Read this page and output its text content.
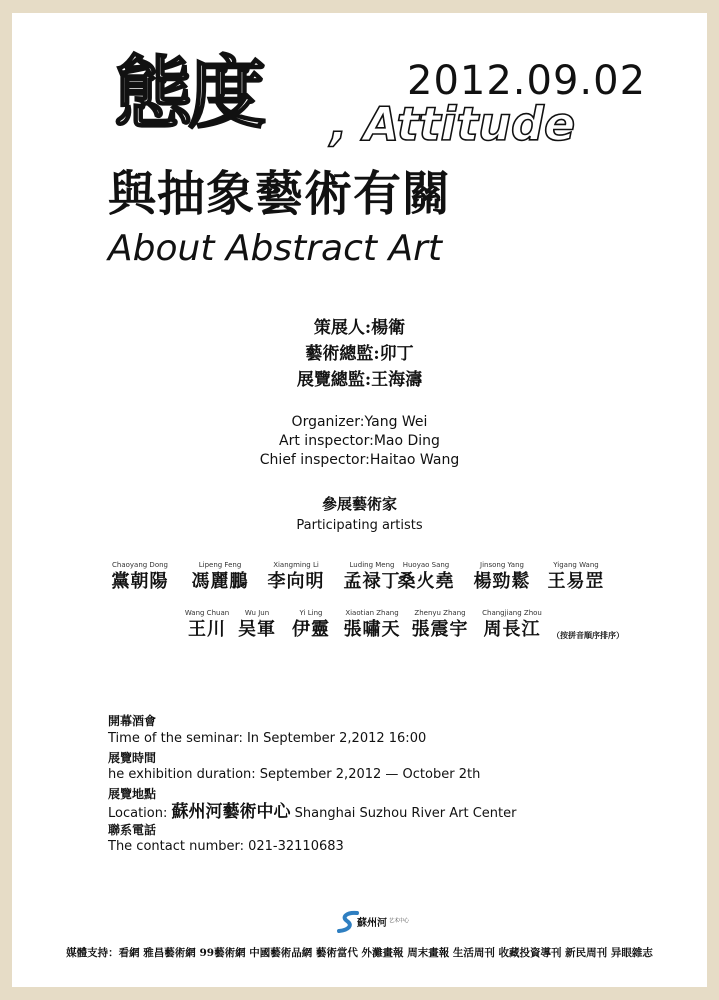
態度	2012.09.02
, Attitude
與抽象藝術有關
About Abstract Art
策展人:楊衛
藝術總監:卯丁
展覽總監:王海濤
Organizer:Yang Wei
Art inspector:Mao Ding
Chief inspector:Haitao Wang
參展藝術家
Participating artists
Chaoyang Dong
黨朝陽
Lipeng Feng
馮麗鵬
Xiangming Li
李向明
Luding Meng
孟禄丁
Huoyao Sang
桑火堯
Jinsong Yang
楊勁鬆
Yigang Wang
王易罡
Wang Chuan
王川
Wu Jun
吴軍
Yi Ling
伊靈
Xiaotian Zhang
張嘯天
Zhenyu Zhang
張震宇
Changjiang Zhou
周長江	（按拼音順序排序）
開幕酒會
Time of the seminar: In September 2,2012 16:00
展覽時間
he exhibition duration: September 2,2012 — October 2th
展覽地點
Location: 蘇州河藝術中心 Shanghai Suzhou River Art Center
聯系電話
The contact number: 021-32110683
蘇州河 艺术中心
媒體支持：看網 雅昌藝術網 99藝術網 中國藝術品網 藝術當代 外灘畫報 周末畫報 生活周刊 收藏投資導刊 新民周刊 异眼雜志
